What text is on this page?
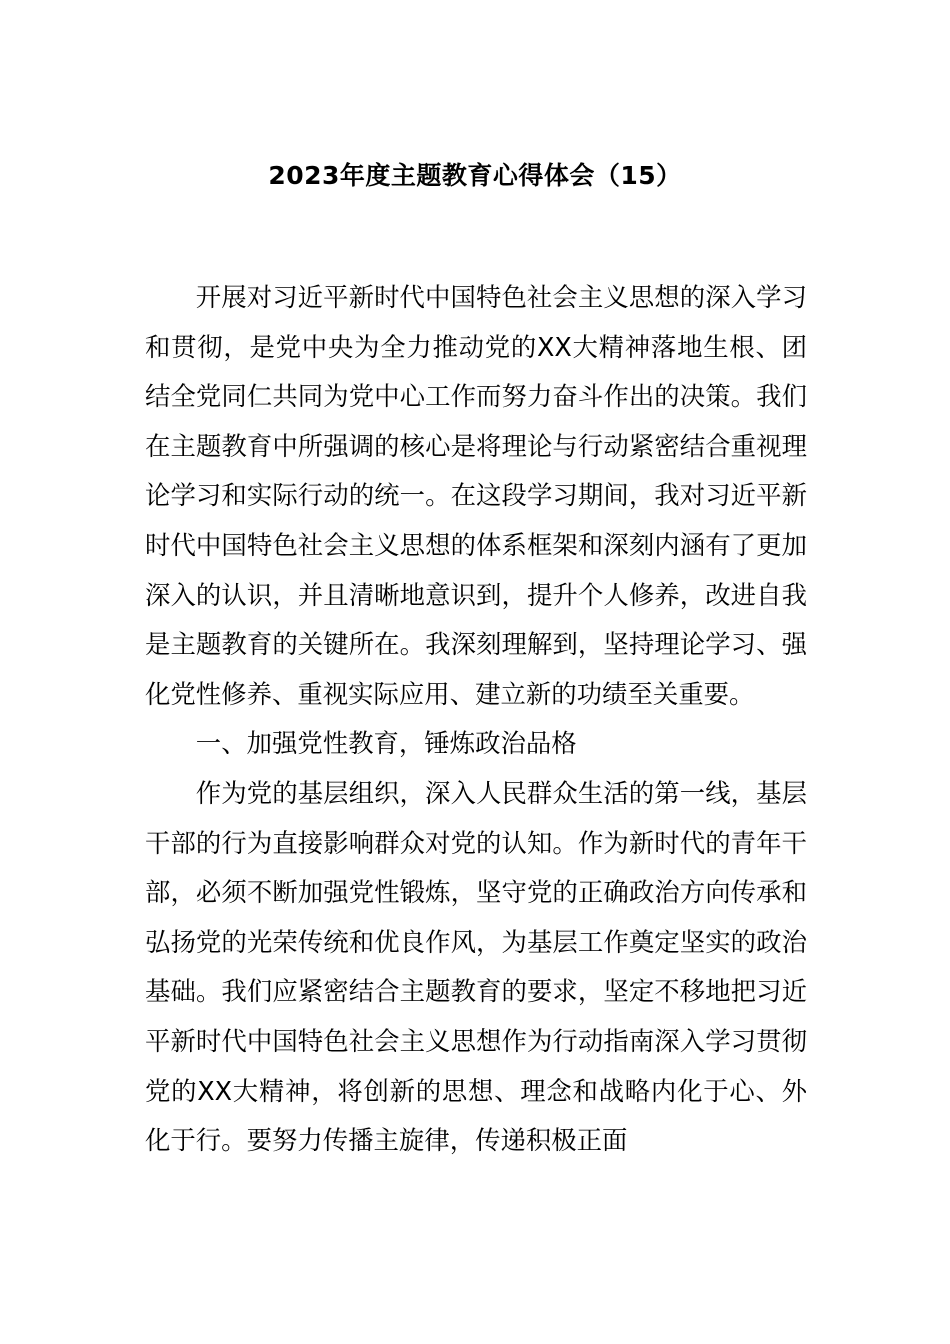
2023年度主题教育心得体会（15）

开展对习近平新时代中国特色社会主义思想的深入学习和贯彻，是党中央为全力推动党的XX大精神落地生根、团结全党同仁共同为党中心工作而努力奋斗作出的决策。我们在主题教育中所强调的核心是将理论与行动紧密结合重视理论学习和实际行动的统一。在这段学习期间，我对习近平新时代中国特色社会主义思想的体系框架和深刻内涵有了更加深入的认识，并且清晰地意识到，提升个人修养，改进自我是主题教育的关键所在。我深刻理解到，坚持理论学习、强化党性修养、重视实际应用、建立新的功绩至关重要。

一、加强党性教育，锤炼政治品格

作为党的基层组织，深入人民群众生活的第一线，基层干部的行为直接影响群众对党的认知。作为新时代的青年干部，必须不断加强党性锻炼，坚守党的正确政治方向传承和弘扬党的光荣传统和优良作风，为基层工作奠定坚实的政治基础。我们应紧密结合主题教育的要求，坚定不移地把习近平新时代中国特色社会主义思想作为行动指南深入学习贯彻党的XX大精神，将创新的思想、理念和战略内化于心、外化于行。要努力传播主旋律，传递积极正面
